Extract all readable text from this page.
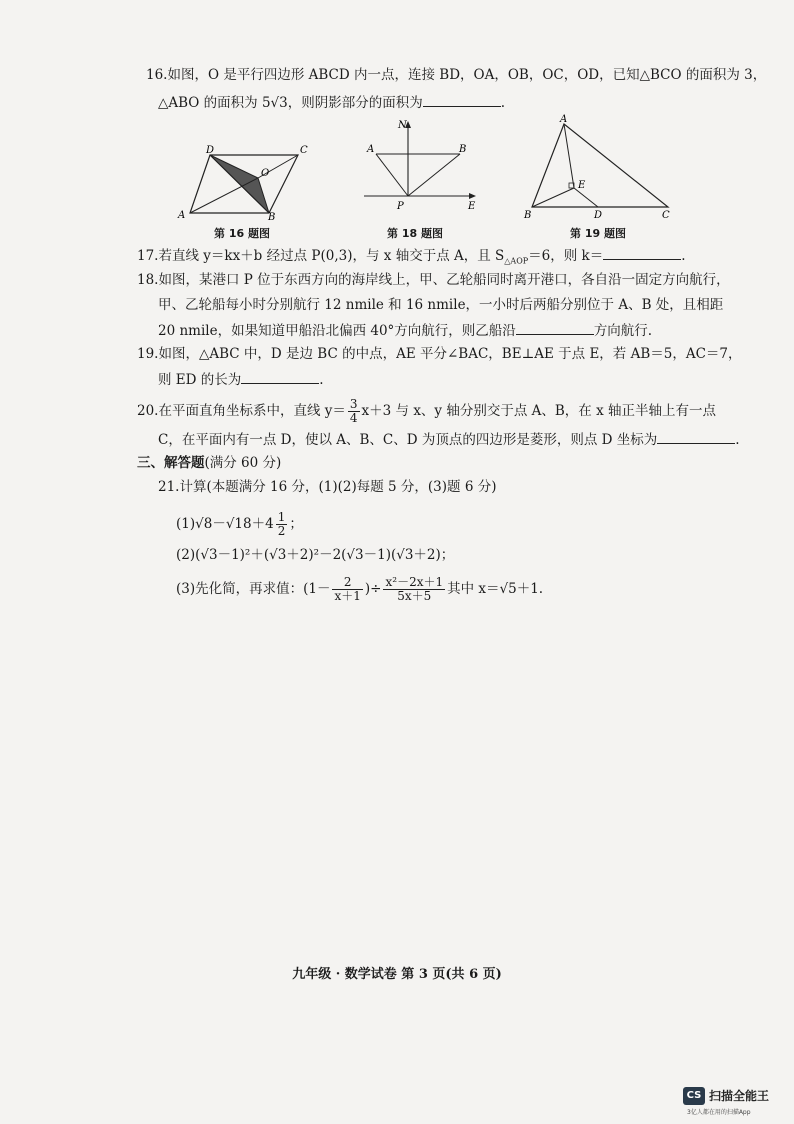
16.如图，O 是平行四边形 ABCD 内一点，连接 BD，OA，OB，OC，OD，已知△BCO 的面积为 3，
△ABO 的面积为 5√3，则阴影部分的面积为	.
D	C
O
A	B
第 16 题图
N
A	B
P	E
第 18 题图
A
E
B	D	C
第 19 题图
17.若直线 y＝kx＋b 经过点 P(0,3)，与 x 轴交于点 A，且 $S_{\triangle AOP}=6$，则 k＝	.
18.如图，某港口 P 位于东西方向的海岸线上，甲、乙轮船同时离开港口，各自沿一固定方向航行，
甲、乙轮船每小时分别航行 12 nmile 和 16 nmile，一小时后两船分别位于 A、B 处，且相距
20 nmile，如果知道甲船沿北偏西 40°方向航行，则乙船沿	方向航行.
19.如图，△ABC 中，D 是边 BC 的中点，AE 平分∠BAC，BE⊥AE 于点 E，若 AB＝5，AC＝7，
则 ED 的长为	.
20.在平面直角坐标系中，直线 $y= \frac{3}{4} x+3$ 与 x、y 轴分别交于点 A、B，在 x 轴正半轴上有一点
C，在平面内有一点 D，使以 A、B、C、D 为顶点的四边形是菱形，则点 D 坐标为	.
三、解答题(满分 60 分)
21.计算(本题满分 16 分，(1)(2)每题 5 分，(3)题 6 分)
$(1)√8-√18+4 \frac{1}{2}$ ；
(2)(√3－1)²＋(√3＋2)²－2(√3－1)(√3＋2)；
(3)先化简，再求值：($1- \frac{2}{x+1}$ )÷ $\frac{\text{x²－2x＋1}}{5x+5}$ 其中 x＝√5＋1.
九年级 · 数学试卷 第 3 页(共 6 页)
CS 扫描全能王
3亿人都在用的扫描App
